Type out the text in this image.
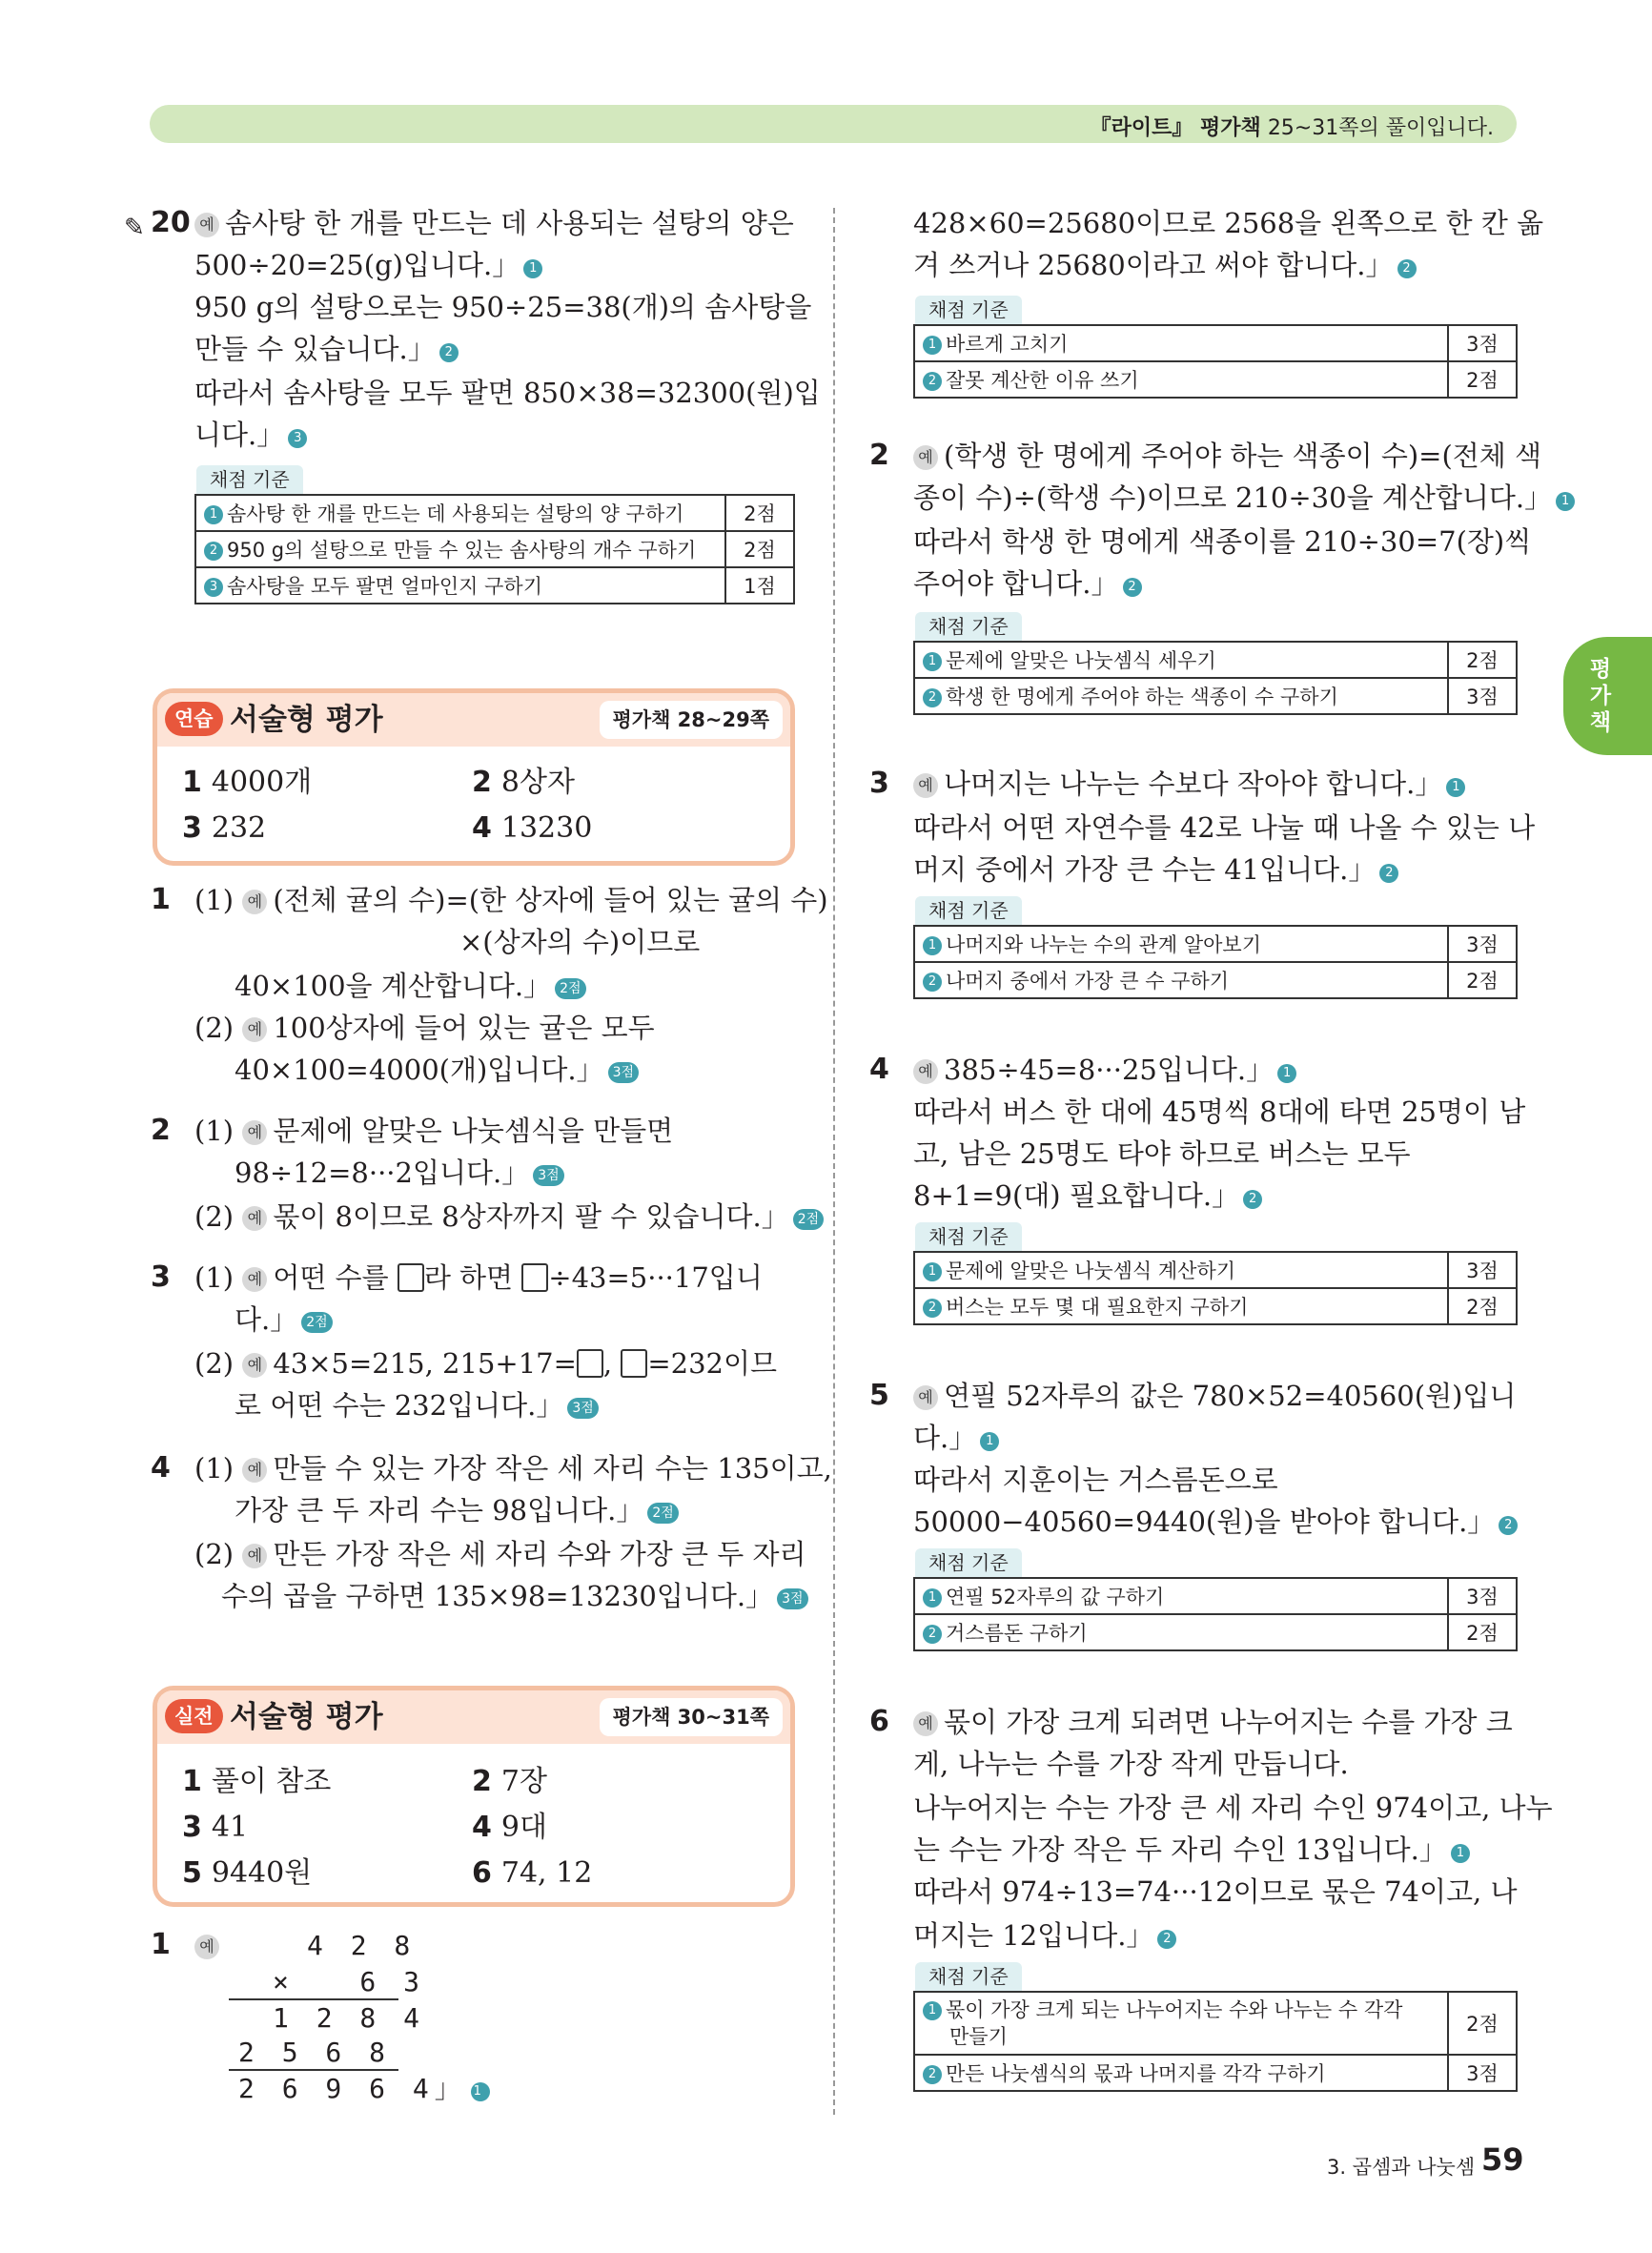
『라이트』 평가책 25~31쪽의 풀이입니다.
평가책
✎ 20 예 솜사탕 한 개를 만드는 데 사용되는 설탕의 양은
500÷20=25(g)입니다.」 1
950 g의 설탕으로는 950÷25=38(개)의 솜사탕을
만들 수 있습니다.」 2
따라서 솜사탕을 모두 팔면 850×38=32300(원)입
니다.」 3
채점 기준
1 솜사탕 한 개를 만드는 데 사용되는 설탕의 양 구하기	2점
2 950 g의 설탕으로 만들 수 있는 솜사탕의 개수 구하기	2점
3 솜사탕을 모두 팔면 얼마인지 구하기	1점
연습 서술형 평가	평가책 28~29쪽
1 4000개	2 8상자
3 232	4 13230
1 (1) 예 (전체 귤의 수)=(한 상자에 들어 있는 귤의 수)
×(상자의 수)이므로
40×100을 계산합니다.」 2점
(2) 예 100상자에 들어 있는 귤은 모두
40×100=4000(개)입니다.」 3점
2 (1) 예 문제에 알맞은 나눗셈식을 만들면
98÷12=8···2입니다.」 3점
(2) 예 몫이 8이므로 8상자까지 팔 수 있습니다.」 2점
3 (1) 예 어떤 수를 라 하면 ÷43=5···17입니
다.」 2점
(2) 예 43×5=215, 215+17= , =232이므
로 어떤 수는 232입니다.」 3점
4 (1) 예 만들 수 있는 가장 작은 세 자리 수는 135이고,
가장 큰 두 자리 수는 98입니다.」 2점
(2) 예 만든 가장 작은 세 자리 수와 가장 큰 두 자리
수의 곱을 구하면 135×98=13230입니다.」 3점
실전 서술형 평가	평가책 30~31쪽
1 풀이 참조	2 7장
3 41	4 9대
5 9440원	6 74, 12
1	예	4 2 8
×   6 3
1 2 8 4
2 5 6 8
2 6 9 6 4」 1
428×60=25680이므로 2568을 왼쪽으로 한 칸 옮
겨 쓰거나 25680이라고 써야 합니다.」 2
채점 기준
1 바르게 고치기	3점
2 잘못 계산한 이유 쓰기	2점
2	예 (학생 한 명에게 주어야 하는 색종이 수)=(전체 색
종이 수)÷(학생 수)이므로 210÷30을 계산합니다.」 1
따라서 학생 한 명에게 색종이를 210÷30=7(장)씩
주어야 합니다.」 2
채점 기준
1 문제에 알맞은 나눗셈식 세우기	2점
2 학생 한 명에게 주어야 하는 색종이 수 구하기	3점
3	예 나머지는 나누는 수보다 작아야 합니다.」 1
따라서 어떤 자연수를 42로 나눌 때 나올 수 있는 나
머지 중에서 가장 큰 수는 41입니다.」 2
채점 기준
1 나머지와 나누는 수의 관계 알아보기	3점
2 나머지 중에서 가장 큰 수 구하기	2점
4	예 385÷45=8···25입니다.」 1
따라서 버스 한 대에 45명씩 8대에 타면 25명이 남
고, 남은 25명도 타야 하므로 버스는 모두
8+1=9(대) 필요합니다.」 2
채점 기준
1 문제에 알맞은 나눗셈식 계산하기	3점
2 버스는 모두 몇 대 필요한지 구하기	2점
5	예 연필 52자루의 값은 780×52=40560(원)입니
다.」 1
따라서 지훈이는 거스름돈으로
50000−40560=9440(원)을 받아야 합니다.」 2
채점 기준
1 연필 52자루의 값 구하기	3점
2 거스름돈 구하기	2점
6	예 몫이 가장 크게 되려면 나누어지는 수를 가장 크
게, 나누는 수를 가장 작게 만듭니다.
나누어지는 수는 가장 큰 세 자리 수인 974이고, 나누
는 수는 가장 작은 두 자리 수인 13입니다.」 1
따라서 974÷13=74···12이므로 몫은 74이고, 나
머지는 12입니다.」 2
채점 기준
1 몫이 가장 크게 되는 나누어지는 수와 나누는 수 각각
만들기	2점
2 만든 나눗셈식의 몫과 나머지를 각각 구하기	3점
3. 곱셈과 나눗셈 59
